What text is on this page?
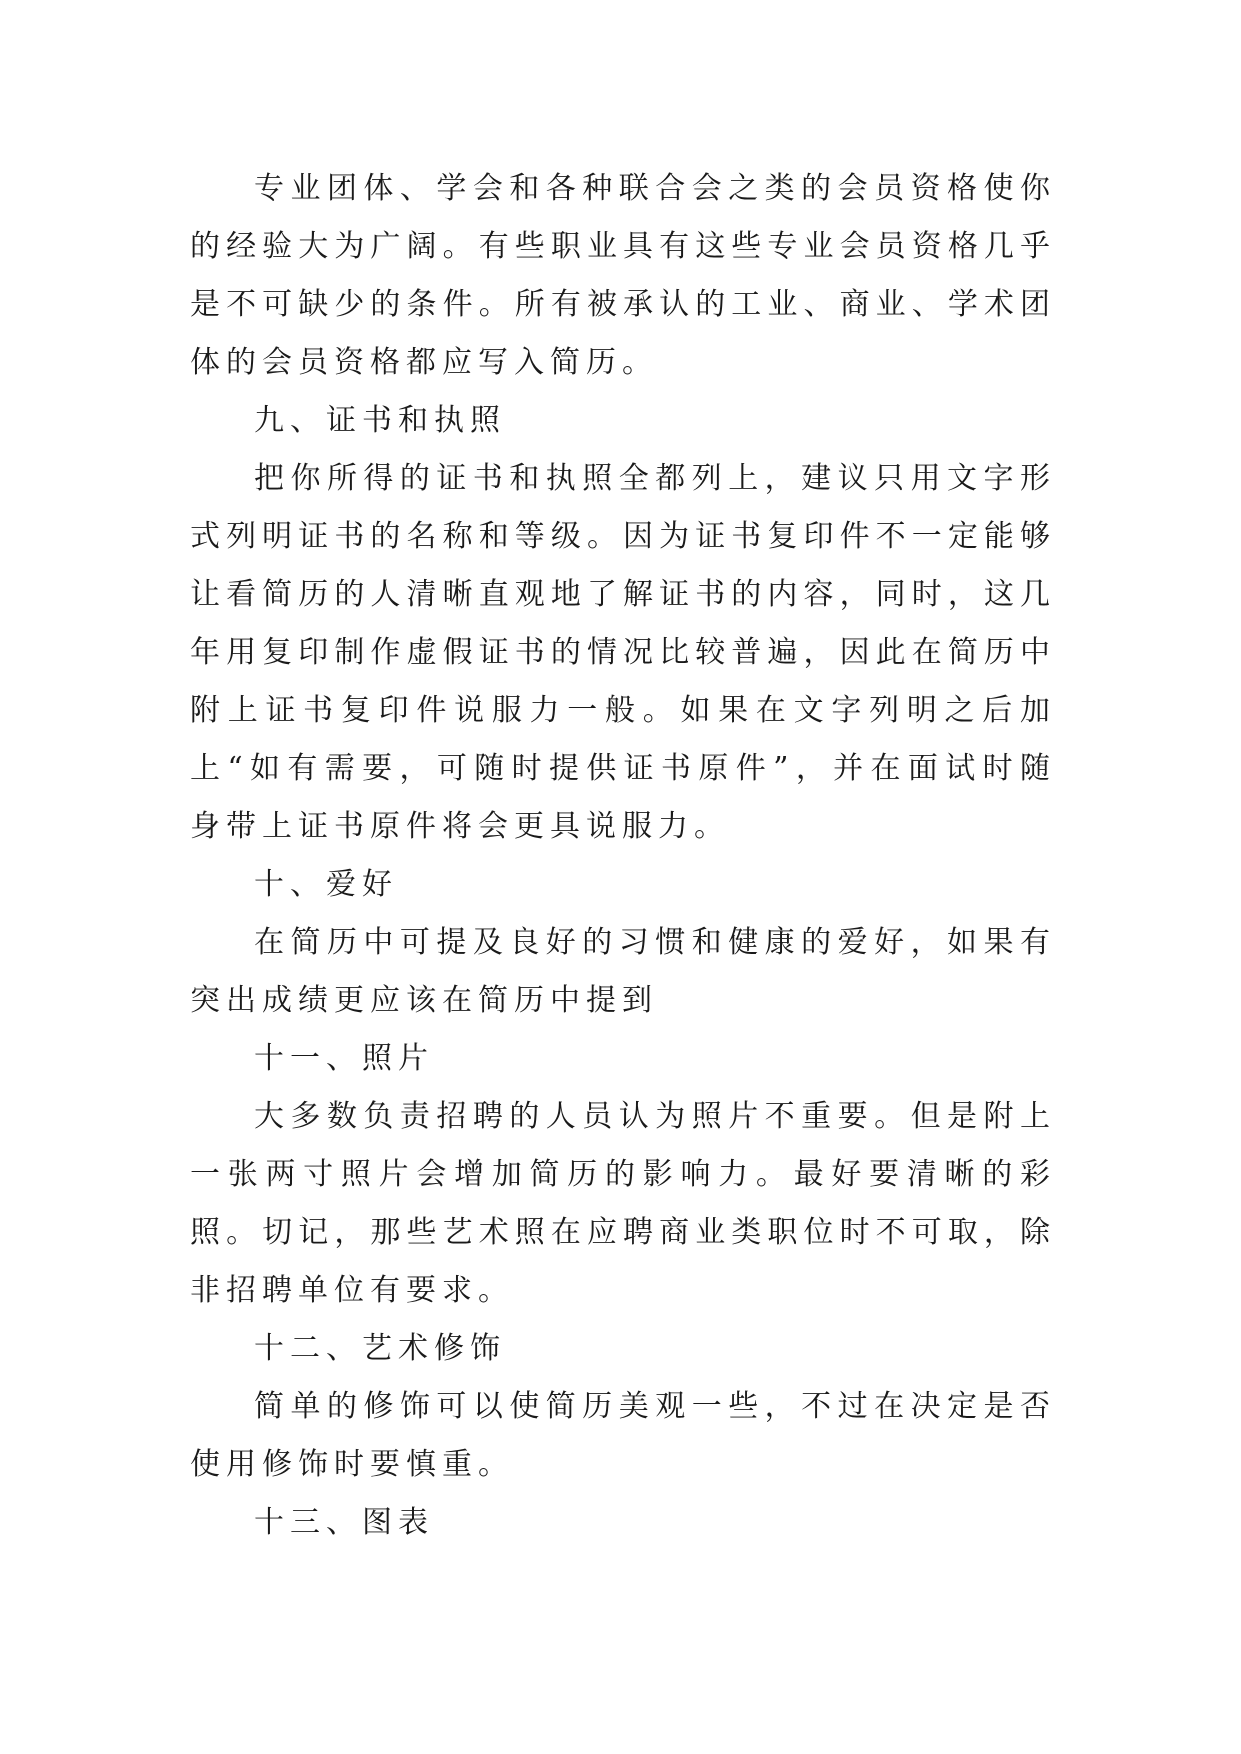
专业团体、学会和各种联合会之类的会员资格使你的经验大为广阔。有些职业具有这些专业会员资格几乎是不可缺少的条件。所有被承认的工业、商业、学术团体的会员资格都应写入简历。

九、证书和执照

把你所得的证书和执照全都列上，建议只用文字形式列明证书的名称和等级。因为证书复印件不一定能够让看简历的人清晰直观地了解证书的内容，同时，这几年用复印制作虚假证书的情况比较普遍，因此在简历中附上证书复印件说服力一般。如果在文字列明之后加上“如有需要，可随时提供证书原件”，并在面试时随身带上证书原件将会更具说服力。

十、爱好

在简历中可提及良好的习惯和健康的爱好，如果有突出成绩更应该在简历中提到

十一、照片

大多数负责招聘的人员认为照片不重要。但是附上一张两寸照片会增加简历的影响力。最好要清晰的彩照。切记，那些艺术照在应聘商业类职位时不可取，除非招聘单位有要求。

十二、艺术修饰

简单的修饰可以使简历美观一些，不过在决定是否使用修饰时要慎重。

十三、图表
